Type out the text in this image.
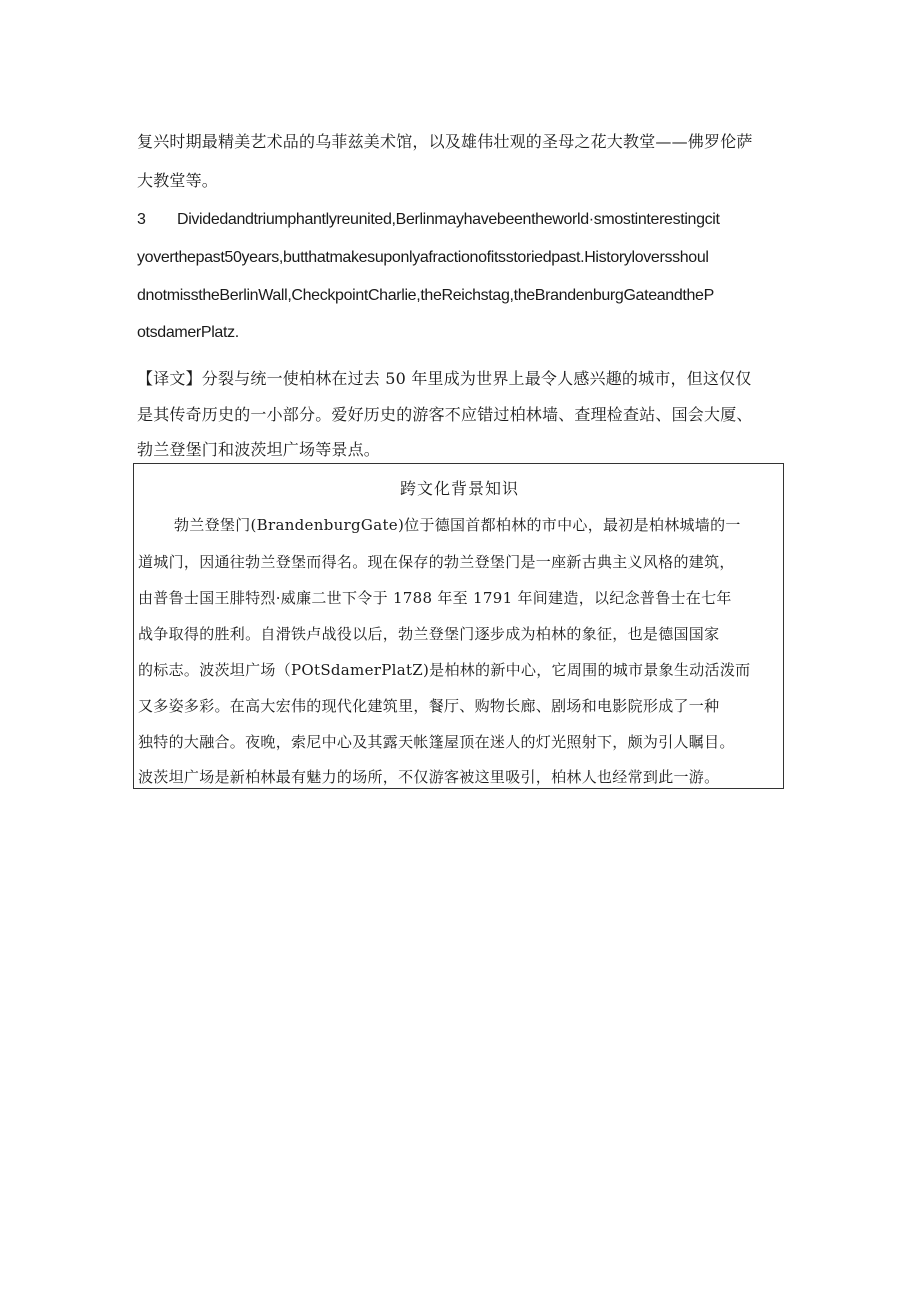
复兴时期最精美艺术品的乌菲兹美术馆，以及雄伟壮观的圣母之花大教堂——佛罗伦萨
大教堂等。
3 Dividedandtriumphantlyreunited,Berlinmayhavebeentheworld·smostinterestingcit
yoverthepast50years,butthatmakesuponlyafractionofitsstoriedpast.Historyloversshoul
dnotmisstheBerlinWall,CheckpointCharlie,theReichstag,theBrandenburgGateandtheP
otsdamerPlatz.
【译文】分裂与统一使柏林在过去 50 年里成为世界上最令人感兴趣的城市，但这仅仅
是其传奇历史的一小部分。爱好历史的游客不应错过柏林墙、查理检查站、国会大厦、
勃兰登堡门和波茨坦广场等景点。
跨文化背景知识
勃兰登堡门(BrandenburgGate)位于德国首都柏林的市中心，最初是柏林城墙的一
道城门，因通往勃兰登堡而得名。现在保存的勃兰登堡门是一座新古典主义风格的建筑，
由普鲁士国王腓特烈·威廉二世下令于 1788 年至 1791 年间建造，以纪念普鲁士在七年
战争取得的胜利。自滑铁卢战役以后，勃兰登堡门逐步成为柏林的象征，也是德国国家
的标志。波茨坦广场（POtSdamerPlatZ)是柏林的新中心，它周围的城市景象生动活泼而
又多姿多彩。在高大宏伟的现代化建筑里，餐厅、购物长廊、剧场和电影院形成了一种
独特的大融合。夜晚，索尼中心及其露天帐篷屋顶在迷人的灯光照射下，颇为引人瞩目。
波茨坦广场是新柏林最有魅力的场所，不仅游客被这里吸引，柏林人也经常到此一游。
